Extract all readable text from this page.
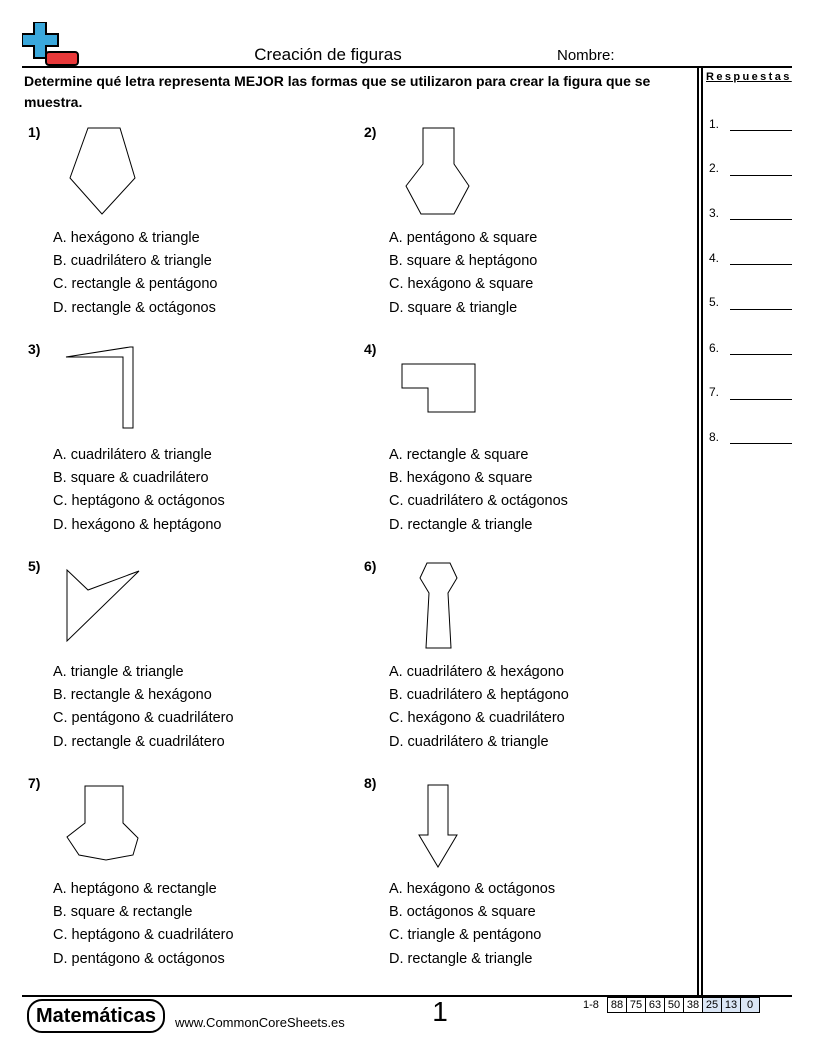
Creación de figuras	Nombre:
Determine qué letra representa MEJOR las formas que se utilizaron para crear la figura que se muestra.
Respuestas
1.
2.
3.
4.
5.
6.
7.
8.
1)
A. hexágono & triangle
B. cuadrilátero & triangle
C. rectangle & pentágono
D. rectangle & octágonos
2)
A. pentágono & square
B. square & heptágono
C. hexágono & square
D. square & triangle
3)
A. cuadrilátero & triangle
B. square & cuadrilátero
C. heptágono & octágonos
D. hexágono & heptágono
4)
A. rectangle & square
B. hexágono & square
C. cuadrilátero & octágonos
D. rectangle & triangle
5)
A. triangle & triangle
B. rectangle & hexágono
C. pentágono & cuadrilátero
D. rectangle & cuadrilátero
6)
A. cuadrilátero & hexágono
B. cuadrilátero & heptágono
C. hexágono & cuadrilátero
D. cuadrilátero & triangle
7)
A. heptágono & rectangle
B. square & rectangle
C. heptágono & cuadrilátero
D. pentágono & octágonos
8)
A. hexágono & octágonos
B. octágonos & square
C. triangle & pentágono
D. rectangle & triangle
Matemáticas	www.CommonCoreSheets.es	1	1-8 88	75	63	50	38	25	13	0
